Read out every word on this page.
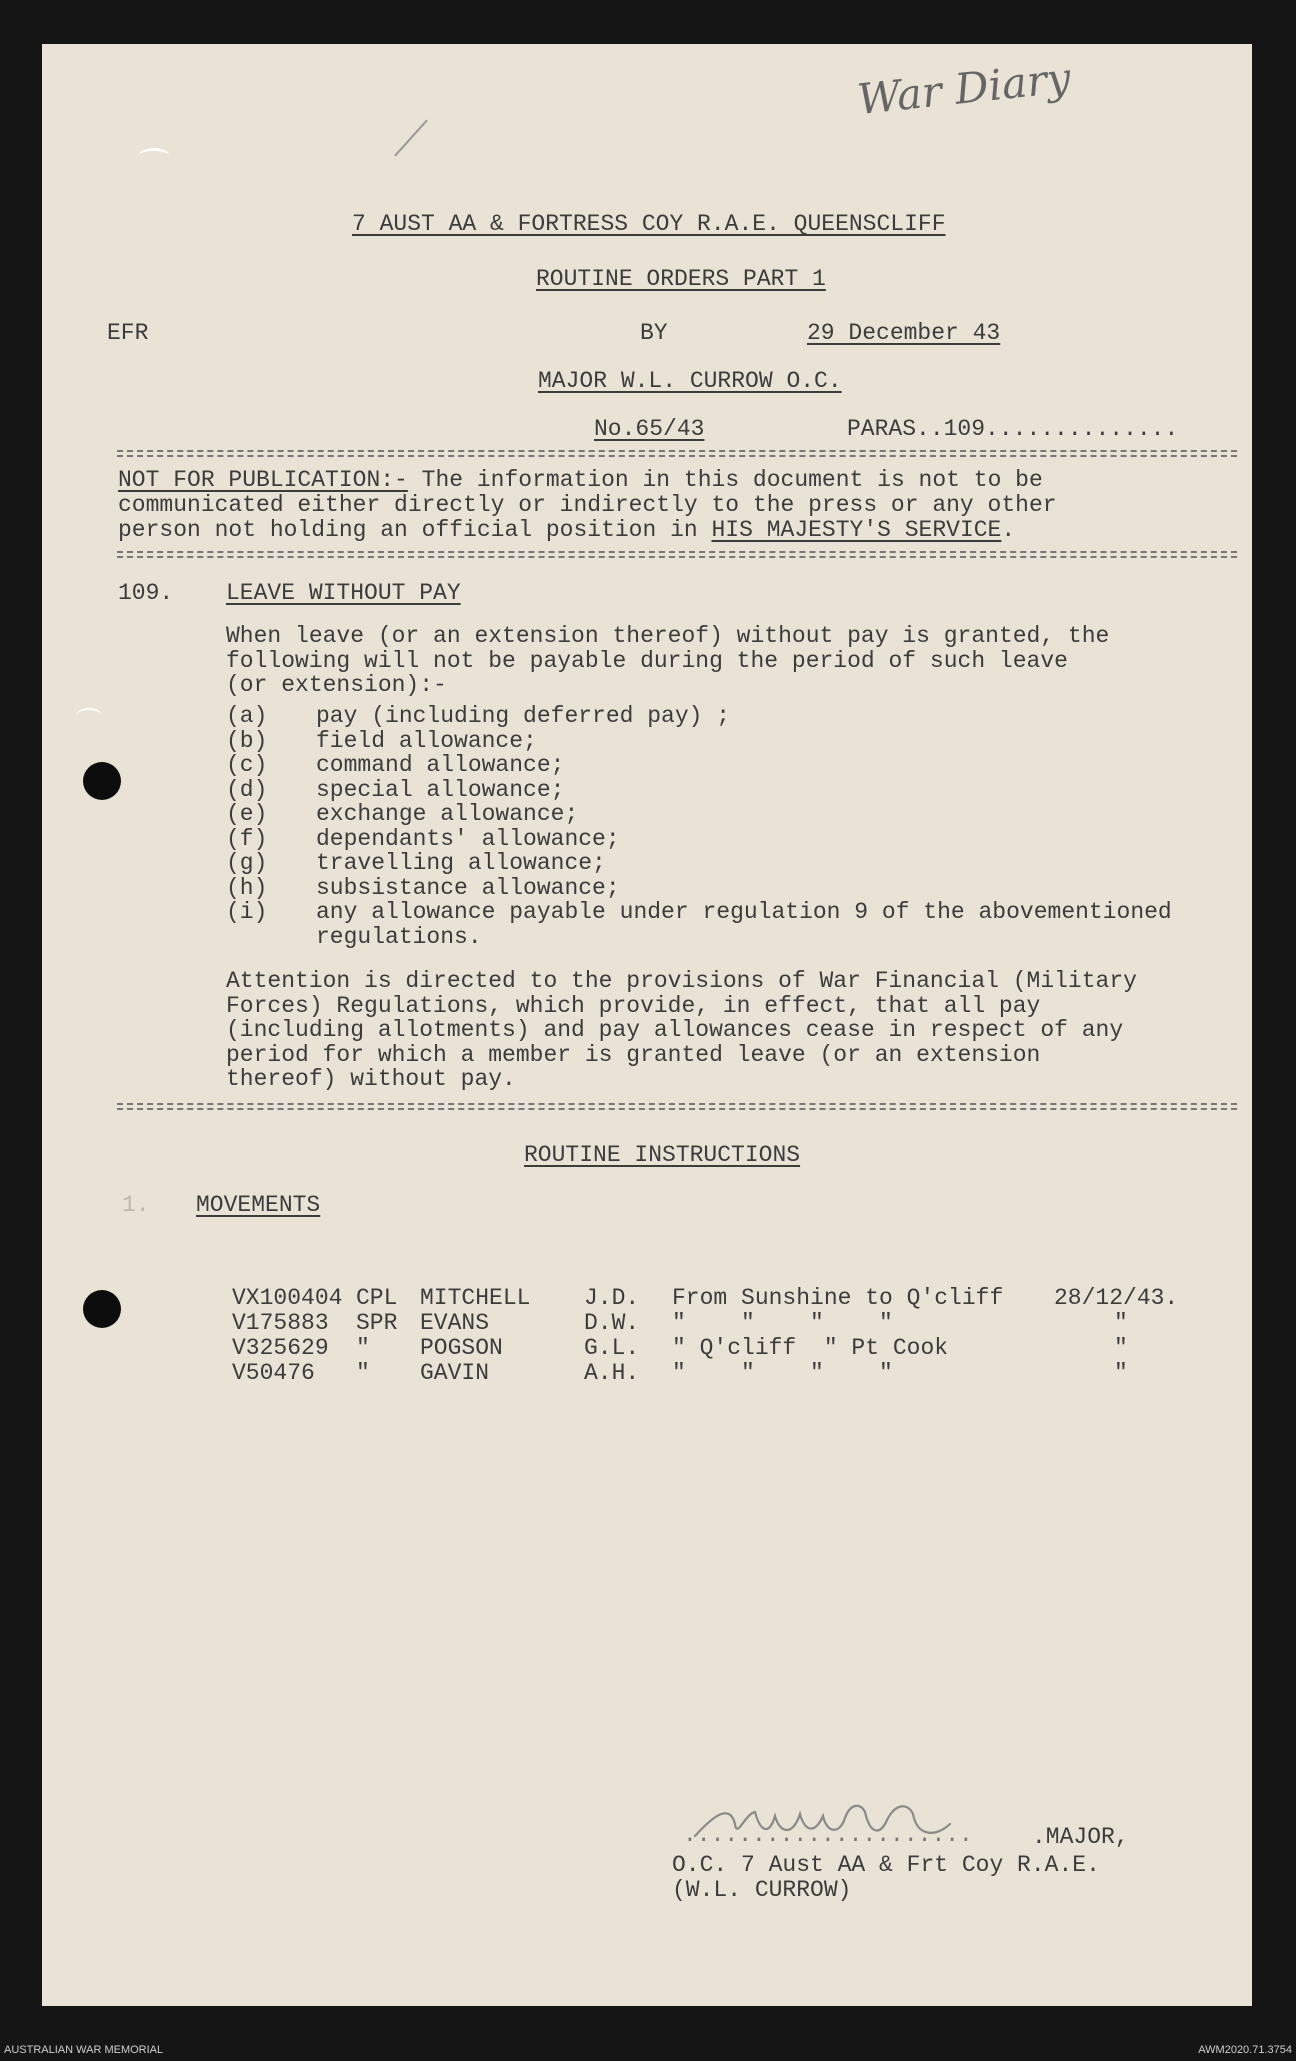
War Diary
7 AUST AA & FORTRESS COY R.A.E. QUEENSCLIFF
ROUTINE ORDERS PART 1
EFR	BY	29 December 43
MAJOR W.L. CURROW O.C.
No.65/43	PARAS..109..............
NOT FOR PUBLICATION:- The information in this document is not to be
communicated either directly or indirectly to the press or any other
person not holding an official position in HIS MAJESTY'S SERVICE.
109. LEAVE WITHOUT PAY
When leave (or an extension thereof) without pay is granted, the
following will not be payable during the period of such leave
(or extension):-
(a)	pay (including deferred pay) ;
(b)	field allowance;
(c)	command allowance;
(d)	special allowance;
(e)	exchange allowance;
(f)	dependants' allowance;
(g)	travelling allowance;
(h)	subsistance allowance;
(i)	any allowance payable under regulation 9 of the abovementioned
regulations.
Attention is directed to the provisions of War Financial (Military
Forces) Regulations, which provide, in effect, that all pay
(including allotments) and pay allowances cease in respect of any
period for which a member is granted leave (or an extension
thereof) without pay.
ROUTINE INSTRUCTIONS
1. MOVEMENTS
VX100404 CPL MITCHELL J.D. From Sunshine to Q'cliff 28/12/43.
V175883 SPR EVANS	D.W. "    "    "    "	"
V325629 " POGSON	G.L. " Q'cliff  " Pt Cook	"
V50476 " GAVIN	A.H. "    "    "    "	"

.....................

	.MAJOR,
O.C. 7 Aust AA & Frt Coy R.A.E.
(W.L. CURROW)
AUSTRALIAN WAR MEMORIAL	AWM2020.71.3754
